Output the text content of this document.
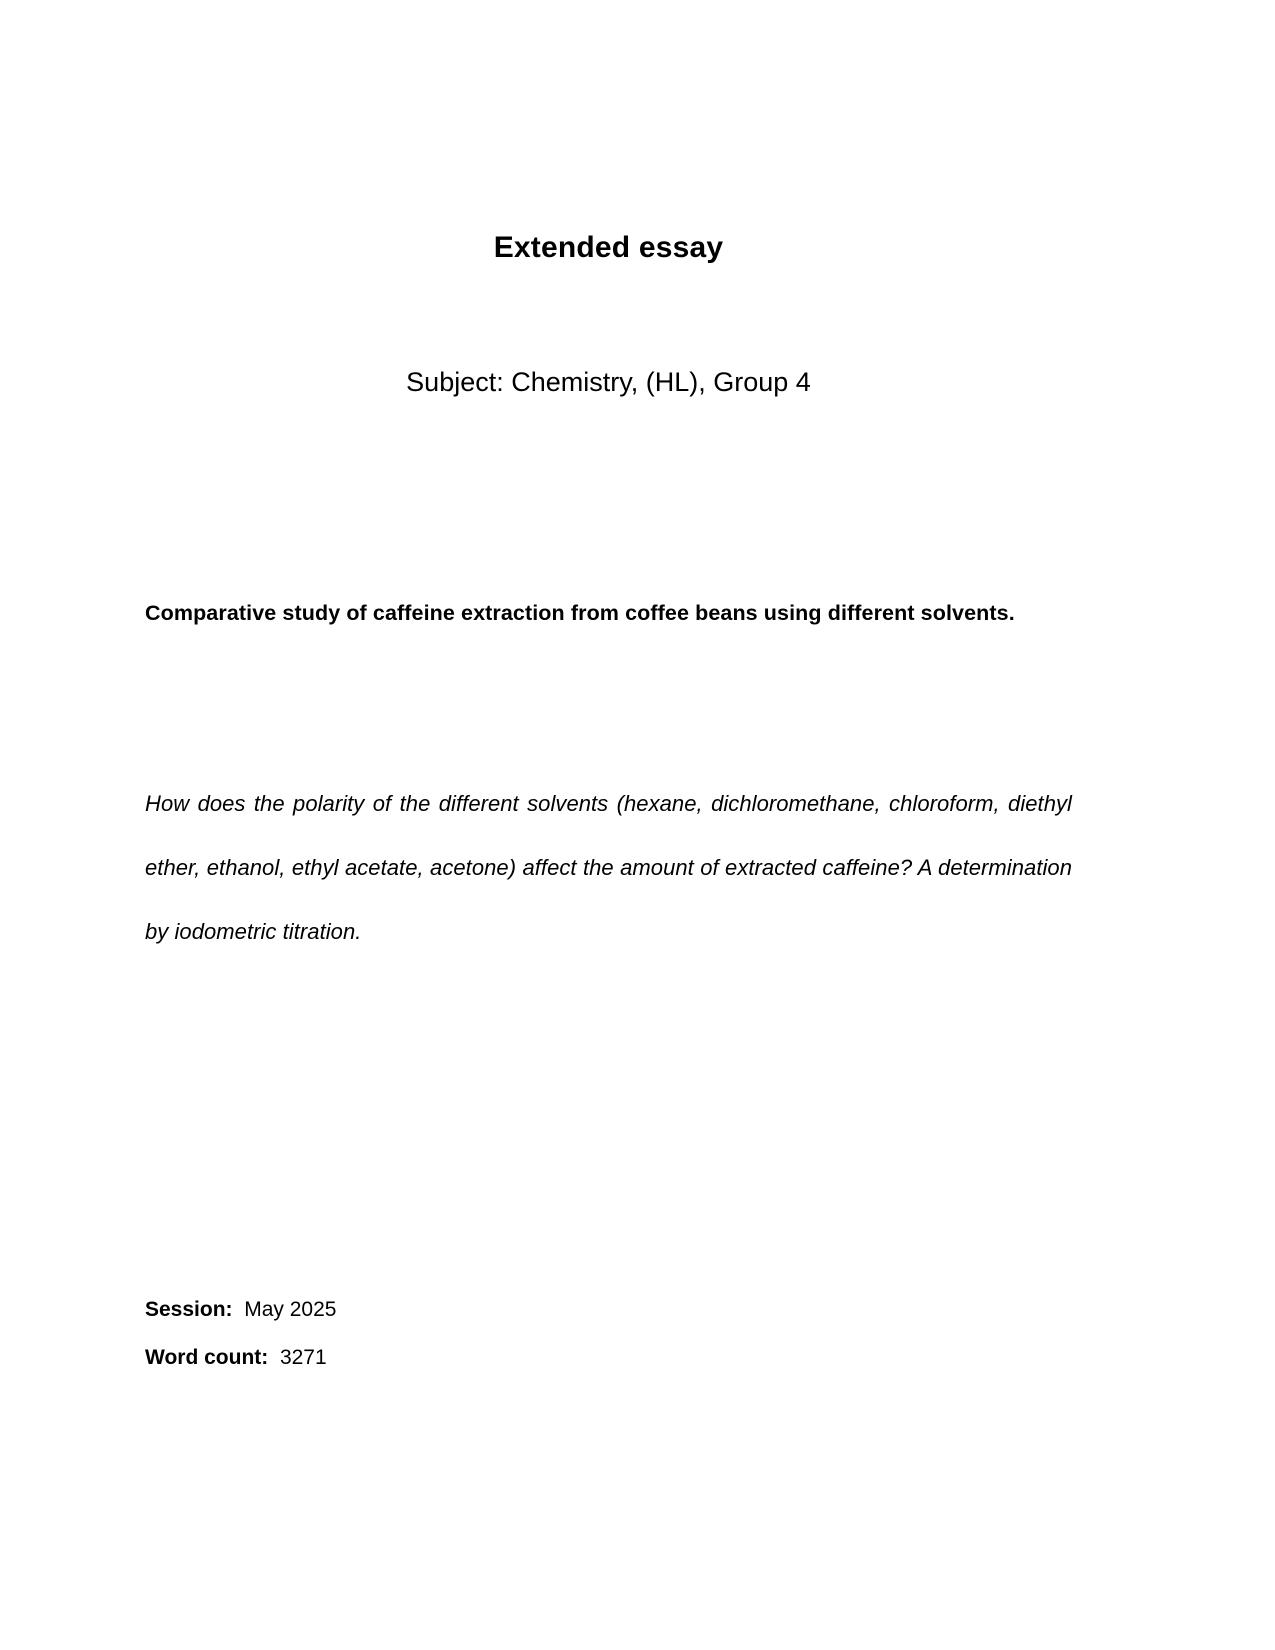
Extended essay
Subject: Chemistry, (HL), Group 4
Comparative study of caffeine extraction from coffee beans using different solvents.
How does the polarity of the different solvents (hexane, dichloromethane, chloroform, diethyl ether, ethanol, ethyl acetate, acetone) affect the amount of extracted caffeine? A determination by iodometric titration.
Session:  May 2025
Word count:  3271
